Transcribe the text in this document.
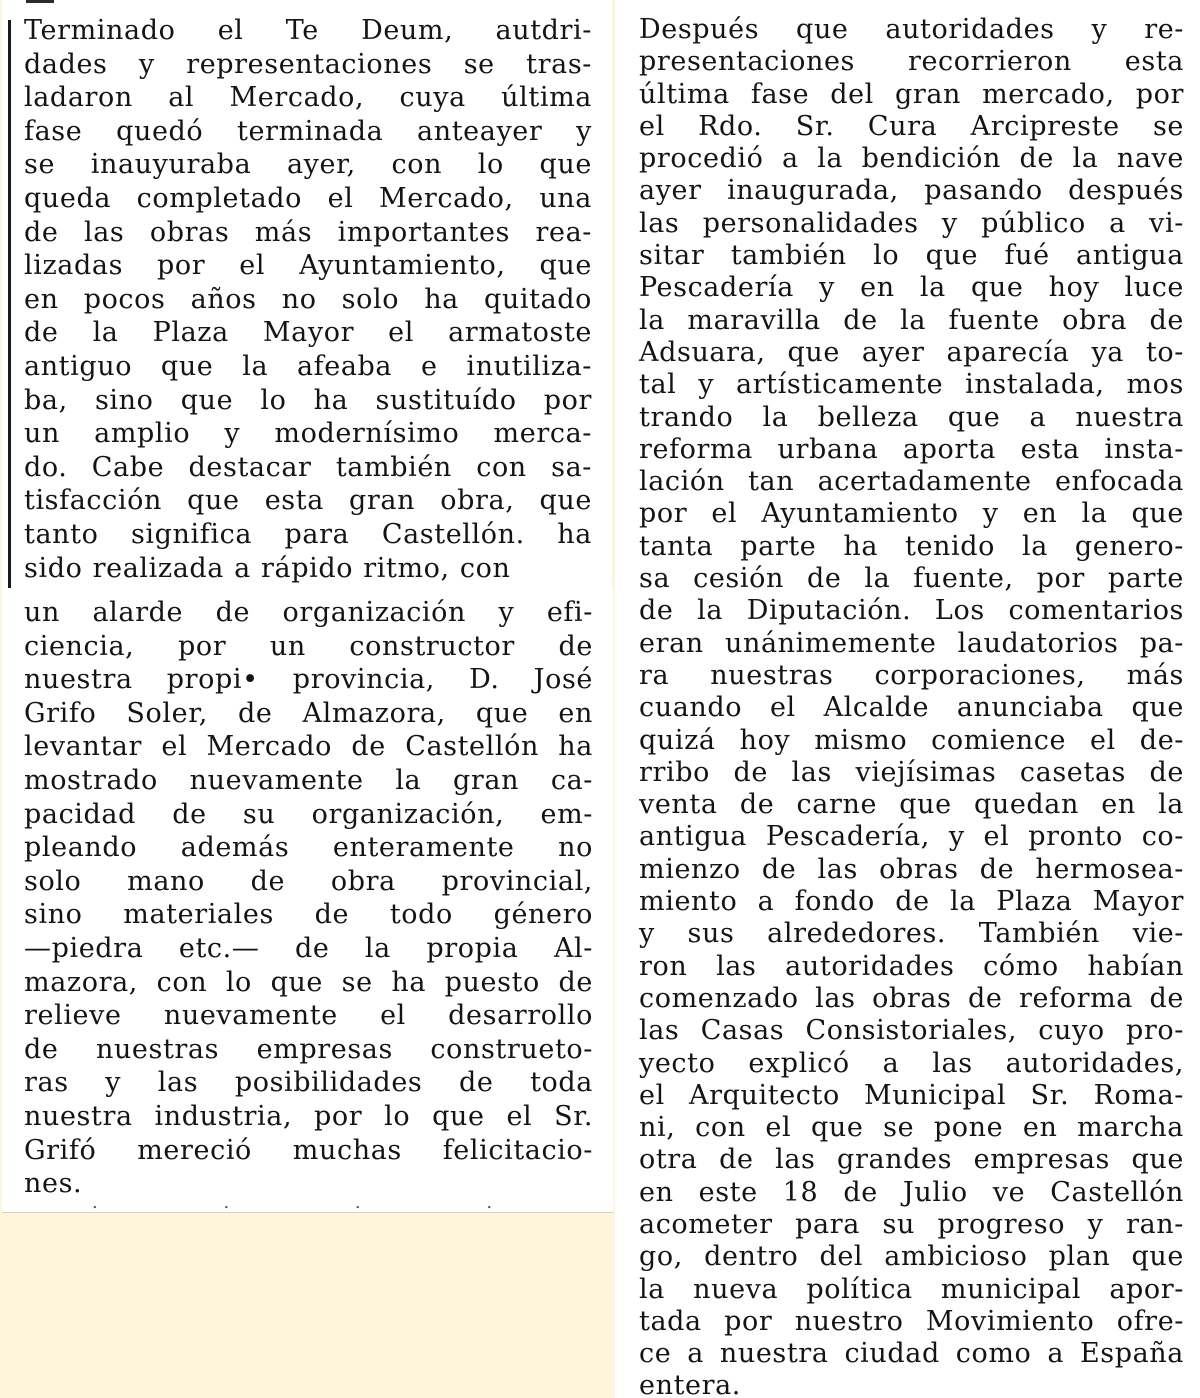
Terminado el Te Deum, autdri-
dades y representaciones se tras-
ladaron al Mercado, cuya última
fase quedó terminada anteayer y
se inauyuraba ayer, con lo que
queda completado el Mercado, una
de las obras más importantes rea-
lizadas por el Ayuntamiento, que
en pocos años no solo ha quitado
de la Plaza Mayor el armatoste
antiguo que la afeaba e inutiliza-
ba, sino que lo ha sustituído por
un amplio y modernísimo merca-
do. Cabe destacar también con sa-
tisfacción que esta gran obra, que
tanto significa para Castellón. ha
sido realizada a rápido ritmo, con
un alarde de organización y efi-
ciencia, por un constructor de
nuestra propi• provincia, D. José
Grifo Soler, de Almazora, que en
levantar el Mercado de Castellón ha
mostrado nuevamente la gran ca-
pacidad de su organización, em-
pleando además enteramente no
solo mano de obra provincial,
sino materiales de todo género
—piedra etc.— de la propia Al-
mazora, con lo que se ha puesto de
relieve nuevamente el desarrollo
de nuestras empresas construeto-
ras y las posibilidades de toda
nuestra industria, por lo que el Sr.
Grifó mereció muchas felicitacio-
nes.
. . . .
Después que autoridades y re-
presentaciones recorrieron esta
última fase del gran mercado, por
el Rdo. Sr. Cura Arcipreste se
procedió a la bendición de la nave
ayer inaugurada, pasando después
las personalidades y público a vi-
sitar también lo que fué antigua
Pescadería y en la que hoy luce
la maravilla de la fuente obra de
Adsuara, que ayer aparecía ya to-
tal y artísticamente instalada, mos
trando la belleza que a nuestra
reforma urbana aporta esta insta-
lación tan acertadamente enfocada
por el Ayuntamiento y en la que
tanta parte ha tenido la genero-
sa cesión de la fuente, por parte
de la Diputación. Los comentarios
eran unánimemente laudatorios pa-
ra nuestras corporaciones, más
cuando el Alcalde anunciaba que
quizá hoy mismo comience el de-
rribo de las viejísimas casetas de
venta de carne que quedan en la
antigua Pescadería, y el pronto co-
mienzo de las obras de hermosea-
miento a fondo de la Plaza Mayor
y sus alrededores. También vie-
ron las autoridades cómo habían
comenzado las obras de reforma de
las Casas Consistoriales, cuyo pro-
yecto explicó a las autoridades,
el Arquitecto Municipal Sr. Roma-
ni, con el que se pone en marcha
otra de las grandes empresas que
en este 18 de Julio ve Castellón
acometer para su progreso y ran-
go, dentro del ambicioso plan que
la nueva política municipal apor-
tada por nuestro Movimiento ofre-
ce a nuestra ciudad como a España
entera.
